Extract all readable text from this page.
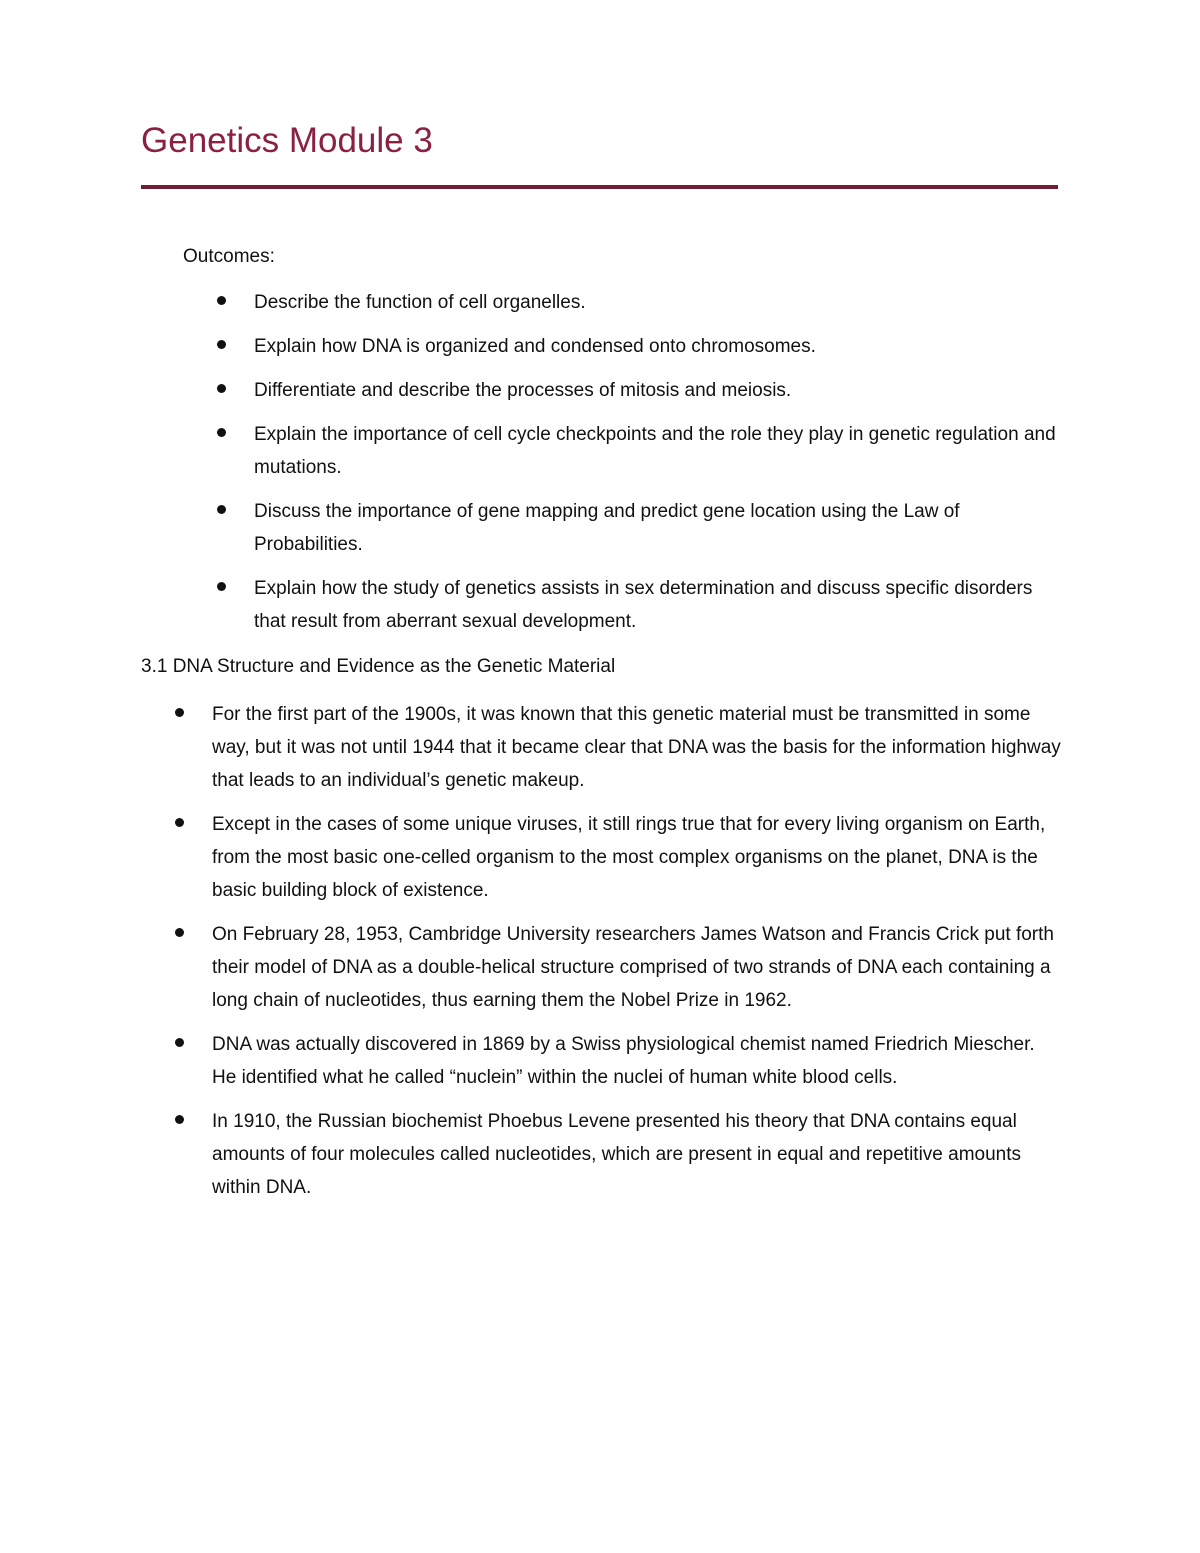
Genetics Module 3
Outcomes:
Describe the function of cell organelles.
Explain how DNA is organized and condensed onto chromosomes.
Differentiate and describe the processes of mitosis and meiosis.
Explain the importance of cell cycle checkpoints and the role they play in genetic regulation and mutations.
Discuss the importance of gene mapping and predict gene location using the Law of Probabilities.
Explain how the study of genetics assists in sex determination and discuss specific disorders that result from aberrant sexual development.
3.1 DNA Structure and Evidence as the Genetic Material
For the first part of the 1900s, it was known that this genetic material must be transmitted in some way, but it was not until 1944 that it became clear that DNA was the basis for the information highway that leads to an individual’s genetic makeup.
Except in the cases of some unique viruses, it still rings true that for every living organism on Earth, from the most basic one-celled organism to the most complex organisms on the planet, DNA is the basic building block of existence.
On February 28, 1953, Cambridge University researchers James Watson and Francis Crick put forth their model of DNA as a double-helical structure comprised of two strands of DNA each containing a long chain of nucleotides, thus earning them the Nobel Prize in 1962.
DNA was actually discovered in 1869 by a Swiss physiological chemist named Friedrich Miescher. He identified what he called “nuclein” within the nuclei of human white blood cells.
In 1910, the Russian biochemist Phoebus Levene presented his theory that DNA contains equal amounts of four molecules called nucleotides, which are present in equal and repetitive amounts within DNA.
